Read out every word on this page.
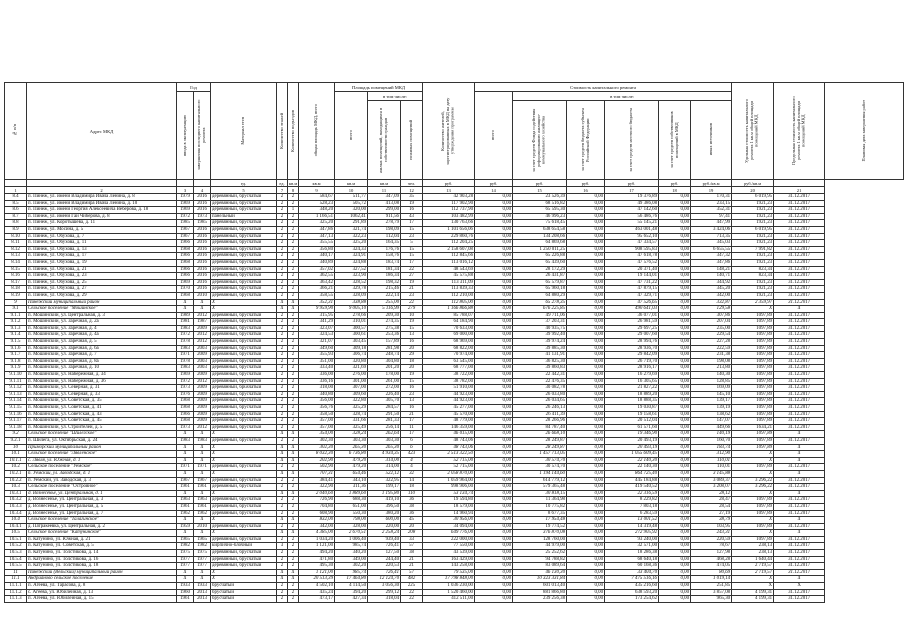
№ п/п	Адрес МКД	Год		Материал стен	Количество этажей	Количество подъездов	общая площадь МКД, всего	Площадь помещений МКД			Количество жителей, зарегистрированных в МКД на дату утверждения программы	Стоимость капитального ремонта						Удельная стоимость капитального ремонта 1 кв.м общей площади помещений МКД	Предельная стоимость капитального ремонта 1 кв.м общей площади помещений МКД	Плановая дата завершения работ
		ввода в эксплуатацию	завершения последнего капитального ремонта					всего	в том числе:			всего	в том числе:							
									жилых помещений, находящихся в собственности граждан	нежилых помещений			за счет средств Фонда содействия реформированию жилищно-коммунального хозяйства	за счет средств бюджета субъекта Российской Федерации	за счет средств местного бюджета	за счет средств собственников помещений в МКД	иных источников			
				ед.	ед.	кв.м	кв.м	кв.м	кв.м	чел.	руб.	руб.	руб.	руб.	руб.	руб.	руб./кв.м	руб./кв.м		
1	2	3	4	5	7	8	9	10	11	12	13	14	15	16	17	18	19	20	21	
8.4	п. Пинеж, ул. имени Владимира Ивача Ленина, д. 8	1979	2016	деревянный, брусчатый	2	2	584,67	511,77	347,09	35	42 903,28	0,00	23 526,39	0,00	19 376,89	0,00	170,31	6 019,95	31.12.2017	
8.5	п. Пинеж, ул. имени Владимира Ивача Ленина, д. 10	1969	2016	деревянный, брусчатый	2	2	528,23	505,72	413,08	19	117 902,90	0,00	68 516,82	0,00	49 386,08	0,00	233,15	1921,23	31.12.2017	
8.6	п. Пинеж, ул. имени Георгия Алексеевича Веберова, д. 18	1969	2016	деревянный, брусчатый	2	1	348,20	320,00	299,00	16	112 737,90	0,00	65 595,30	0,00	47 142,60	0,00	352,31	1921,23	31.12.2017	
8.7	п. Пинеж, ул. имени Гай Чиберова, д. 8	1972	1973	панельный	2	2	1 166,51	1062,41	911,56	43	103 482,99	0,00	46 996,23	0,00	56 486,76	0,00	97,41	1921,23	31.12.2017	
8.8	п. Пинеж, ул. Коротышева, д. 11	1985	1985	деревянный, брусчатый	2	2	325,20	291,89	278,79	17	130 763,66	0,00	75 618,45	0,00	55 145,21	0,00	447,99	1921,23	31.12.2017	
8.9	п. Пинеж, ул. Мосина, д. 5	1967	2016	деревянный, брусчатый	2	2	347,86	321,74	198,09	15	1 101 656,06	0,00	638 654,58	0,00	463 001,48	0,00	3 424,06	6 019,95	31.12.2017	
8.10	п. Пинеж, ул. Обухова, д. 7	1967	2016	деревянный, брусчатый	2	2	347,13	322,23	112,04	23	229 860,76	0,00	134 208,66	0,00	95 652,10	0,00	713,35	1921,23	31.12.2017	
8.11	п. Пинеж, ул. Обухова, д. 11	1966	2016	деревянный, брусчатый	2	2	355,55	325,20	164,35	5	112 204,25	0,00	64 869,68	0,00	47 334,57	0,00	345,03	1921,23	31.12.2017	
8.12	п. Пинеж, ул. Обухова, д. 13	1968	2016	деревянный, брусчатый	2	2	356,80	324,33	176,76	15	2 158 607,08	0,00	1 250 011,25	0,00	908 595,83	0,00	6 655,55	7 991,82	31.12.2017	
8.13	п. Пинеж, ул. Обухова, д. 17	1966	2016	деревянный, брусчатый	2	2	340,17	324,91	158,76	15	112 845,66	0,00	65 226,88	0,00	47 618,78	0,00	347,32	1921,23	31.12.2017	
8.14	п. Пинеж, ул. Обухова, д. 19	1968	2016	деревянный, брусчатый	2	2	340,89	324,88	183,74	17	113 016,12	0,00	65 439,60	0,00	47 576,52	0,00	347,86	1921,23	31.12.2017	
8.15	п. Пинеж, ул. Обухова, д. 21	1966	2016	деревянный, брусчатый	2	2	357,02	327,52	181,34	22	48 543,69	0,00	28 172,29	0,00	20 371,40	0,00	148,21	823,34	31.12.2017	
8.16	п. Пинеж, ул. Обухова, д. 23	1966	2016	деревянный, брусчатый	2	2	362,55	323,90	186,34	27	45 575,88	0,00	26 431,87	0,00	19 144,01	0,00	140,71	823,34	31.12.2017	
8.17	п. Пинеж, ул. Обухова, д. 25	1969	2016	деревянный, брусчатый	2	2	363,42	328,52	198,32	19	113 311,09	0,00	65 579,87	0,00	47 731,22	0,00	344,92	1921,23	31.12.2017	
8.18	п. Пинеж, ул. Обухова, д. 27	1970	2016	деревянный, брусчатый	2	2	366,21	329,78	215,46	21	113 839,33	0,00	65 960,18	0,00	47 879,15	0,00	345,20	1921,23	31.12.2017	
8.19	п. Пинеж, ул. Обухова, д. 29	1968	2010	деревянный, брусчатый	2	2	358,55	328,09	222,14	23	112 210,00	0,00	64 880,29	0,00	47 329,71	0,00	342,00	1921,23	31.12.2017	
9	Пинежский муниципальный район	X	X	X	X	X	352,31	338,88	255,00	22	112 805,00	0,00	65 278,35	0,00	47 526,65	0,00	332,87	2 359,97	31.12.2017	
9.1	Сельское поселение "Мошинское"	X	X	X	X	X	9 959,90	9 005,10	5 116,99	279	1 166 866,88	0,00	676 225,85	0,00	490 641,03	0,00	129,58	X	X	
9.1.1	п. Мошинский, ул. Центральная, д. 3	1989	2012	деревянный, брусчатый	2	2	315,95	278,66	209,30	10	85 788,07	0,00	49 711,06	0,00	36 077,01	0,00	307,86	1097,89	31.12.2017	
9.1.2	п. Мошинский, ул. Заречная, д. 2а	1981	1987	деревянный, брусчатый	2	2	341,29	310,01	274,35	19	64 184,90	0,00	37 203,31	0,00	26 981,59	0,00	207,04	1097,89	31.12.2017	
9.1.3	п. Мошинский, ул. Заречная, д. 4	1983	2009	деревянный, брусчатый	2	2	323,07	300,57	275,38	15	70 633,00	0,00	40 935,75	0,00	29 697,25	0,00	235,00	1097,89	31.12.2017	
9.1.4	п. Мошинский, ул. Заречная, д. 4а	1972	2012	деревянный, брусчатый	2	2	324,53	300,61	253,36	13	69 000,00	0,00	39 992,40	0,00	29 007,60	0,00	229,54	1097,89	31.12.2017	
9.1.5	п. Мошинский, ул. Заречная, д. 5	1978	2012	деревянный, брусчатый	2	2	321,07	303,45	157,89	16	68 969,00	0,00	39 974,24	0,00	28 994,76	0,00	227,28	1097,89	31.12.2017	
9.1.6	п. Мошинский, ул. Заречная, д. 6а	1983	2003	деревянный, брусчатый	2	2	349,60	309,18	281,98	20	68 822,00	0,00	39 885,30	0,00	28 936,70	0,00	222,59	1097,89	31.12.2017	
9.1.7	п. Мошинский, ул. Заречная, д. 7	1971	2009	деревянный, брусчатый	2	2	355,93	306,74	248,74	29	70 974,00	0,00	41 131,91	0,00	29 842,09	0,00	231,38	1097,89	31.12.2017	
9.1.8	п. Мошинский, ул. Заречная, д. 8а	1978	2003	деревянный, брусчатый	2	2	351,00	320,80	304,80	18	63 545,00	0,00	36 825,30	0,00	26 719,70	0,00	198,08	1097,89	31.12.2017	
9.1.9	п. Мошинский, ул. Заречная, д. 10	1983	2003	деревянный, брусчатый	2	2	333,40	321,69	201,20	20	68 777,00	0,00	39 860,83	0,00	28 916,17	0,00	213,80	1097,89	31.12.2017	
9.1.10	п. Мошинский, ул. Набережная, д. 34	1969	2009	деревянный, брусчатый	2	2	336,00	276,00	178,00	19	38 722,00	0,00	22 442,31	0,00	16 279,69	0,00	140,30	1097,89	31.12.2017	
9.1.11	п. Мошинский, ул. Набережная, д. 36	1972	2012	деревянный, брусчатый	2	2	336,16	301,00	261,00	15	38 782,00	0,00	22 476,35	0,00	16 305,65	0,00	128,85	1097,89	31.12.2017	
9.1.12	п. Мошинский, ул. Северная, д. 31	1973	2009	деревянный, брusчатый	2	2	318,00	307,00	272,00	16	51 910,00	0,00	30 082,78	0,00	21 827,22	0,00	169,09	1097,89	31.12.2017	
9.1.13	п. Мошинский, ул. Северная, д. 33	1976	2009	деревянный, брусчатый	2	2	340,80	309,60	226,40	23	44 923,00	0,00	26 033,80	0,00	18 889,20	0,00	145,10	1097,89	31.12.2017	
9.1.14	п. Мошинский, ул. Советская, д. 35	1968	2009	деревянный, брусчатый	2	2	356,00	322,80	305,70	13	44 923,00	0,00	26 034,65	0,00	18 888,35	0,00	139,17	1097,89	31.12.2017	
9.1.15	п. Мошинский, ул. Советская, д. 41	1968	2009	деревянный, брусчатый	2	2	356,76	325,29	284,57	16	45 277,00	0,00	26 246,13	0,00	19 030,87	0,00	139,19	1097,89	31.12.2017	
9.1.16	п. Мошинский, ул. Советская, д. 43	1966	2009	деревянный, брусчатый	2	2	358,50	328,74	291,50	21	45 570,00	0,00	26 411,39	0,00	19 158,61	0,00	138,62	1097,89	31.12.2017	
9.1.17	п. Мошинский, ул. Советская, д. 45	1968	2009	деревянный, брусчатый	2	2	357,00	331,66	281,33	17	48 779,00	0,00	28 266,96	0,00	20 512,04	0,00	147,07	1097,89	31.12.2017	
9.1.18	п. Мошинский, ул. Строителей, д. 5	1973	2012	деревянный, брусчатый	2	2	357,00	325,49	256,14	11	146 359,00	0,00	84 787,40	0,00	61 571,60	0,00	449,66	1634,21	31.12.2017	
9.2	Сельское поселение "Шилегское"	X	X	X	X	X	354,00	328,24	262,64	17	46 015,00	0,00	26 668,10	0,00	19 346,90	0,00	140,19	1097,89	X	
9.2.1	п. Шилега, ул. Октябрьская, д. 24	1983	1983	деревянный, брусчатый	2	2	302,30	303,30	303,30	6	48 743,06	0,00	28 249,87	0,00	20 493,19	0,00	160,70	1097,89	31.12.2017	
10	Приморский муниципальный район	X	X	X	X	X	302,30	265,30	265,30	6	48 743,06	0,00	28 249,87	0,00	20 493,19	0,00	183,74	1097,89	X	
10.1	Сельское поселение "Лявленское"	X	X	X	X	X	8 032,30	6 736,80	4 934,35	423	2 513 322,50	0,00	1 457 713,05	0,00	1 055 609,45	0,00	312,90	X	X	
10.1.1	с. Лявля, ул. Южная, д. 1	X	X	X	X	X	202,90	479,20	314,00	4	52 715,00	0,00	30 574,70	0,00	22 140,30	0,00	110,01	X	X	
10.2	Сельское поселение "Уемское"	1971	1971	деревянный, брусчатый	2	2	502,90	479,20	314,00	4	52 715,00	0,00	30 574,70	0,00	22 140,30	0,00	110,01	1097,89	31.12.2017	
10.2.1	п. Уемский, ул. Заводская, д. 1	X	X	X	X	X	707,31	654,46	522,12	32	2 058 870,00	0,00	1 194 144,60	0,00	864 725,40	0,00	3 145,88	X	X	
10.2.2	п. Уемский, ул. Заводская, д. 3	1967	1967	деревянный, брусчатый	2	2	384,41	343,10	322,95	14	1 059 964,00	0,00	614 779,12	0,00	445 184,88	0,00	3 089,37	3 296,22	31.12.2017	
10.3	Сельское поселение "Островное"	1961	1961	деревянный, брусчатый	2	2	322,90	311,36	199,17	18	998 906,00	0,00	579 365,48	0,00	419 540,52	0,00	3 208,07	3 296,22	31.12.2017	
10.3.1	д. Вознесенье, ул. Центральная, д. 1	X	X	X	X	X	2 040,60	1 889,60	1 195,80	110	53 134,74	0,00	30 818,15	0,00	22 316,59	0,00	28,12	X	X	
10.3.2	д. Вознесенье, ул. Центральная, д. 3	1963	1963	деревянный, брусчатый	2	2	726,90	688,30	419,10	36	19 594,80	0,00	11 364,98	0,00	8 229,82	0,00	28,47	1097,89	31.12.2017	
10.3.3	д. Вознесенье, ул. Центральная, д. 5	1961	1961	деревянный, брусчатый	2	2	704,80	651,00	396,50	38	18 579,00	0,00	10 775,82	0,00	7 803,18	0,00	28,54	1097,89	31.12.2017	
10.3.4	д. Вознесенье, ул. Центральная, д. 7	1962	1962	деревянный, брусчатый	2	2	608,90	550,30	380,20	36	14 960,94	0,00	8 677,35	0,00	6 283,59	0,00	27,19	1097,89	31.12.2017	
10.4	Сельское поселение "Талагинское"	X	X	X	X	X	832,00	798,00	600,00	45	30 956,00	0,00	17 954,48	0,00	13 001,52	0,00	38,79	X	X	
10.4.1	д. Патракеевка, ул. Центральная, д. 2	1959	2010	деревянный, брусчатый	2	2	342,00	328,00	220,00	20	34 094,00	0,00	19 774,52	0,00	14 319,48	0,00	103,95	1097,89	31.12.2017	
10.5	Сельское поселение "Катунинское"	X	X	X	X	X	4 385,00	2 670,51	2 258,24	208	649 776,00	0,00	376 870,08	0,00	272 905,92	0,00	243,31	X	X	
10.5.1	п. Катунино, ул. Южная, д. 21	1965	1965	деревянный, брусчатый	2	2	1 034,20	1 006,40	939,40	33	222 000,00	0,00	128 760,00	0,00	93 240,00	0,00	220,59	1097,89	31.12.2017	
10.5.2	п. Катунино, ул. Советская, д. 5	1982	1982	кирпично-блочный	3	2	1 121,00	985,74	726,41	57	77 550,00	0,00	44 979,00	0,00	32 571,00	0,00	78,67	238,13	31.12.2017	
10.5.3	п. Катунино, ул. Толстикова, д. 14	1975	1975	деревянный, брусчатый	2	2	494,20	340,20	127,50	38	43 539,00	0,00	25 252,62	0,00	18 286,38	0,00	127,98	238,13	31.12.2017	
10.5.4	п. Катунино, ул. Толстикова, д. 16	1977	1977	деревянный, брусчатый	2	2	471,80	349,00	244,40	21	163 429,00	0,00	94 788,82	0,00	68 640,18	0,00	468,28	1 640,44	31.12.2017	
10.5.5	п. Катунино, ул. Толстикова, д. 18	1977	1977	деревянный, брусчатый	2	2	495,30	302,20	220,53	21	143 258,00	0,00	83 089,64	0,00	60 168,36	0,00	474,05	2 719,57	31.12.2017	
11	Пинежский (Вельский) муниципальный район	X	X	X	X	X	1 121,00	985,74	726,41	57	79 535,00	0,00	46 130,30	0,00	33 404,70	0,00	80,69	2 719,57	31.12.2017	
11.1	Андрианово сельское поселение	X	X	X	X	X	20 513,39	17 464,80	12 124,70	482	17 798 848,00	0,00	10 323 331,84	0,00	7 475 516,16	0,00	1 019,14	X	X	
11.1.1	п. Агеева, ул. Тарасова, д. 8	1933	1933	брусчатый	2	2	4 502,10	4 114,50	3 056,30	225	1 036 230,00	0,00	601 013,40	0,00	435 216,60	0,00	251,85	X	X	
11.1.2	с. Агеева, ул. Юбилейная, д. 13	1960	2013	брусчатый	2	2	435,24	394,20	299,12	22	1 520 460,00	0,00	881 866,80	0,00	638 593,20	0,00	3 857,08	4 199,31	31.12.2017	
11.1.3	п. Агеева, ул. Юбилейная, д. 15	1961	2013	брусчатый	2	2	473,17	427,34	318,04	22	412 511,00	0,00	239 256,38	0,00	173 254,62	0,00	965,30	4 199,31	31.12.2017	
